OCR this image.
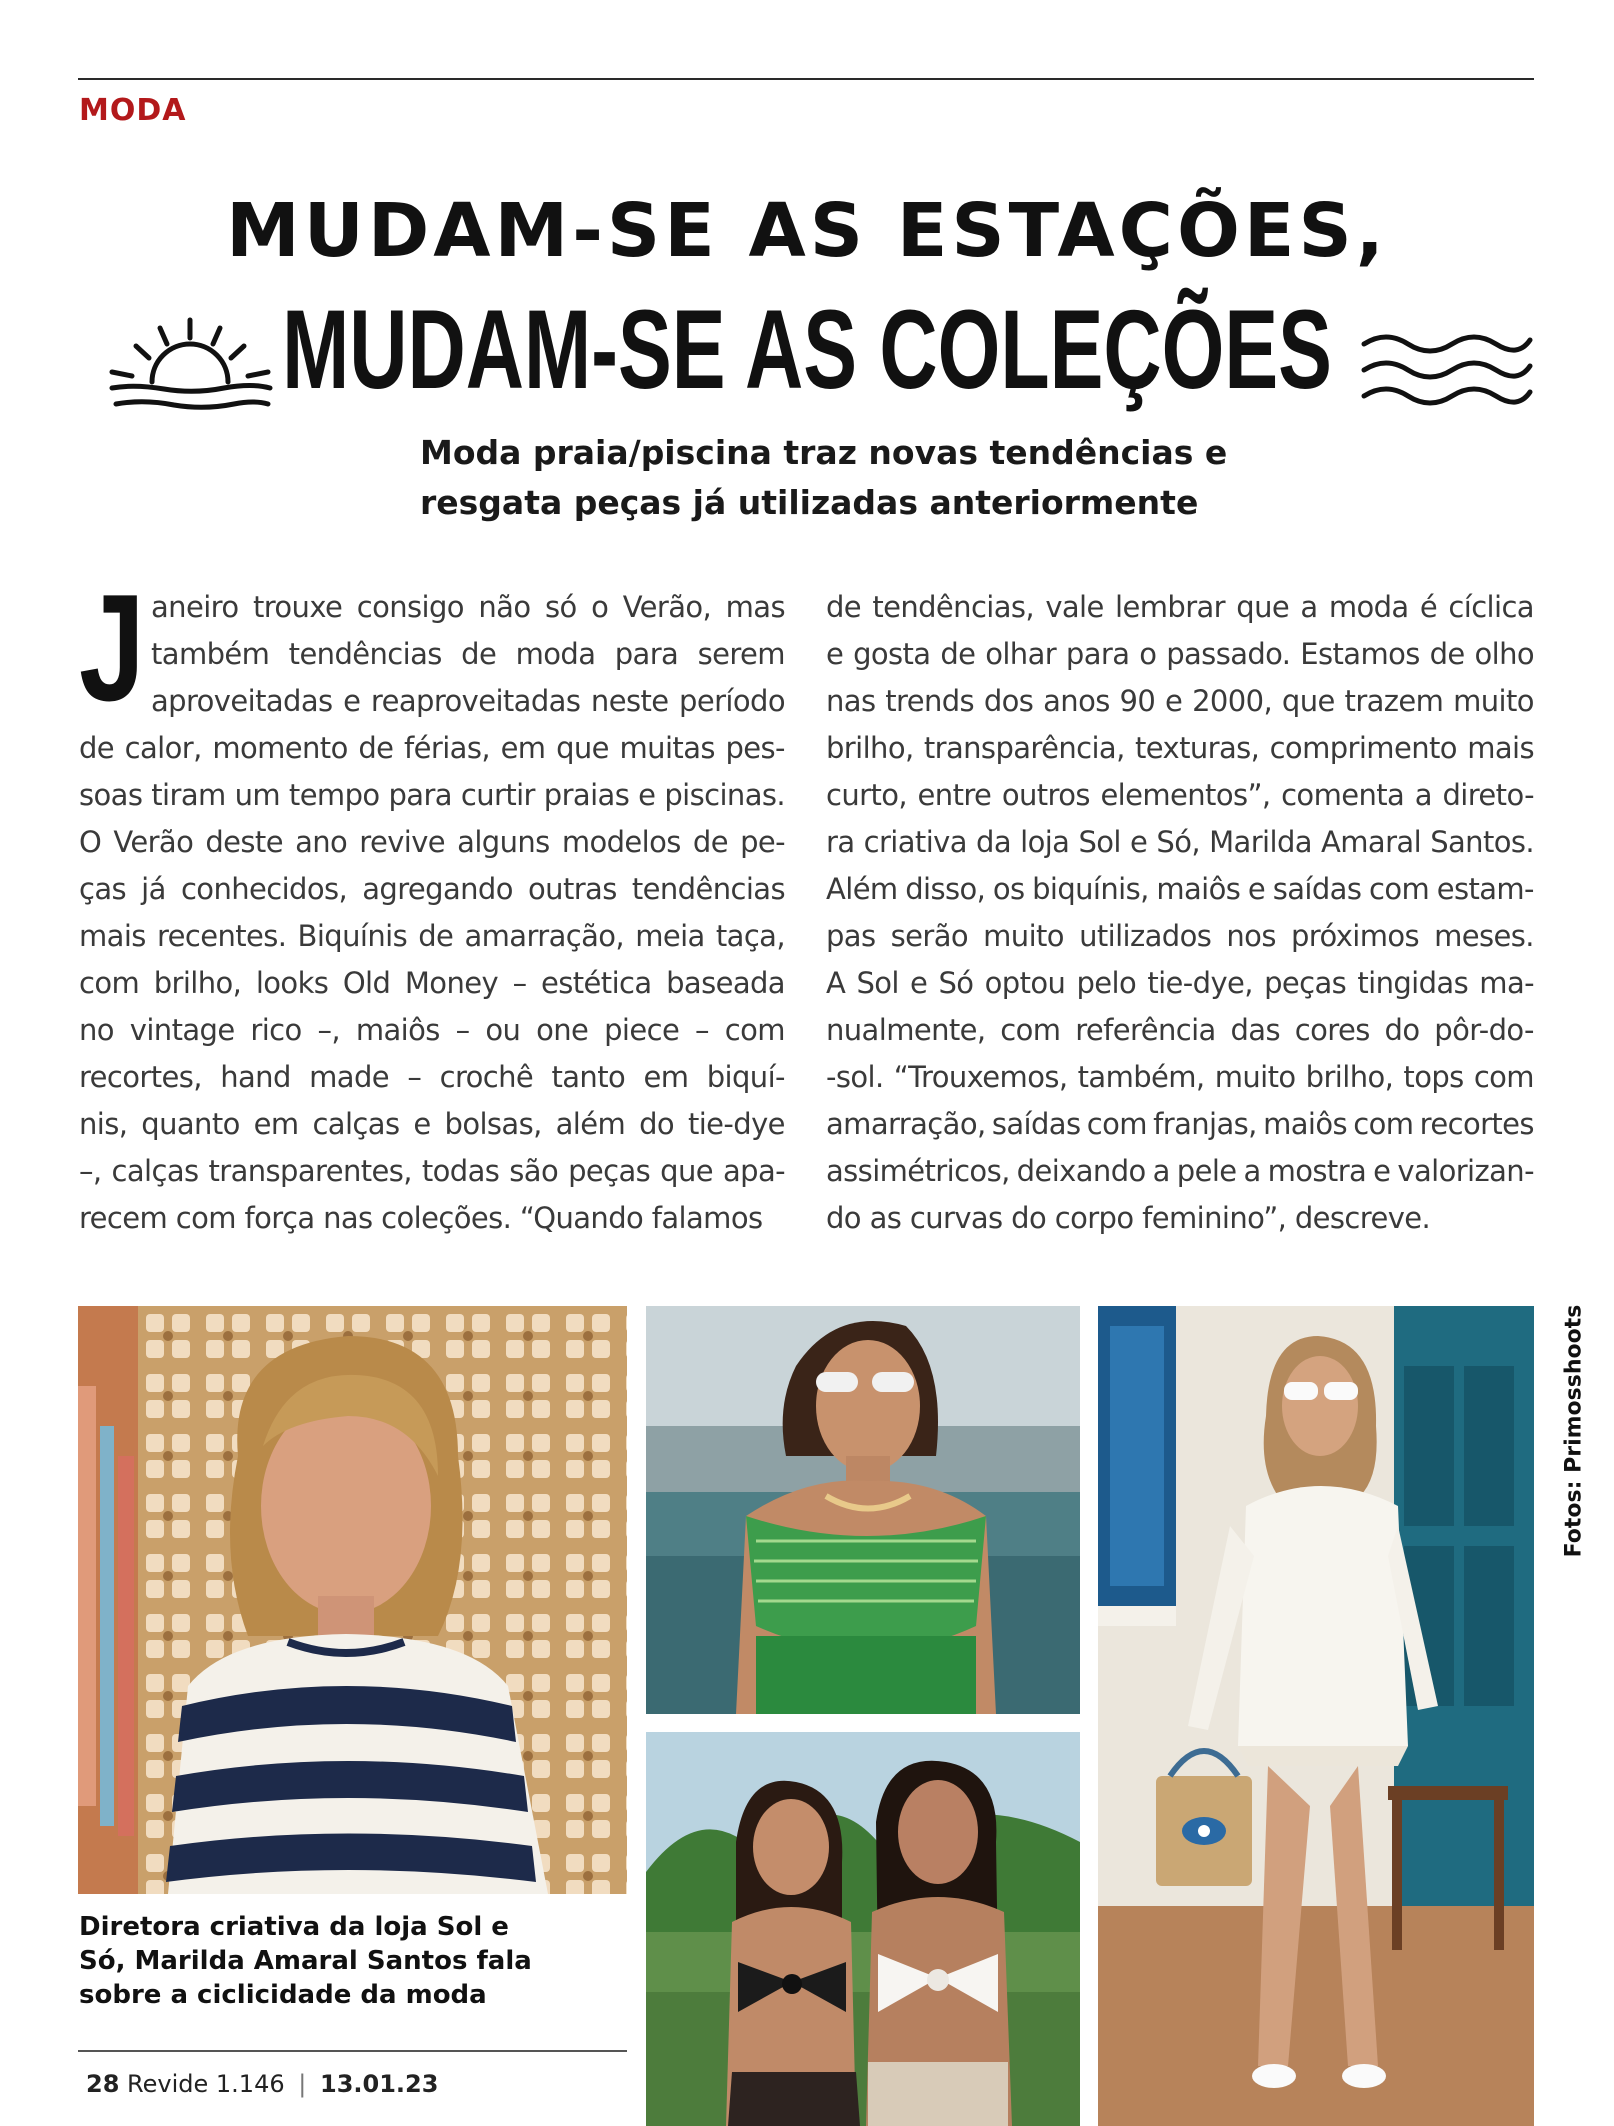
MODA
MUDAM-SE AS ESTAÇÕES,
MUDAM-SE AS COLEÇÕES
Moda praia/piscina traz novas tendências e
resgata peças já utilizadas anteriormente
J aneiro trouxe consigo não só o Verão, mas
também tendências de moda para serem
aproveitadas e reaproveitadas neste período
de calor, momento de férias, em que muitas pes-
soas tiram um tempo para curtir praias e piscinas.
O Verão deste ano revive alguns modelos de pe-
ças já conhecidos, agregando outras tendências
mais recentes. Biquínis de amarração, meia taça,
com brilho, looks Old Money – estética baseada
no vintage rico –, maiôs – ou one piece – com
recortes, hand made – crochê tanto em biquí-
nis, quanto em calças e bolsas, além do tie-dye
–, calças transparentes, todas são peças que apa-
recem com força nas coleções. “Quando falamos
de tendências, vale lembrar que a moda é cíclica
e gosta de olhar para o passado. Estamos de olho
nas trends dos anos 90 e 2000, que trazem muito
brilho, transparência, texturas, comprimento mais
curto, entre outros elementos”, comenta a direto-
ra criativa da loja Sol e Só, Marilda Amaral Santos.
Além disso, os biquínis, maiôs e saídas com estam-
pas serão muito utilizados nos próximos meses.
A Sol e Só optou pelo tie-dye, peças tingidas ma-
nualmente, com referência das cores do pôr-do-
-sol. “Trouxemos, também, muito brilho, tops com
amarração, saídas com franjas, maiôs com recortes
assimétricos, deixando a pele a mostra e valorizan-
do as curvas do corpo feminino”, descreve.
Fotos: Primosshoots
Diretora criativa da loja Sol e
Só, Marilda Amaral Santos fala
sobre a ciclicidade da moda
28 Revide 1.146 | 13.01.23
